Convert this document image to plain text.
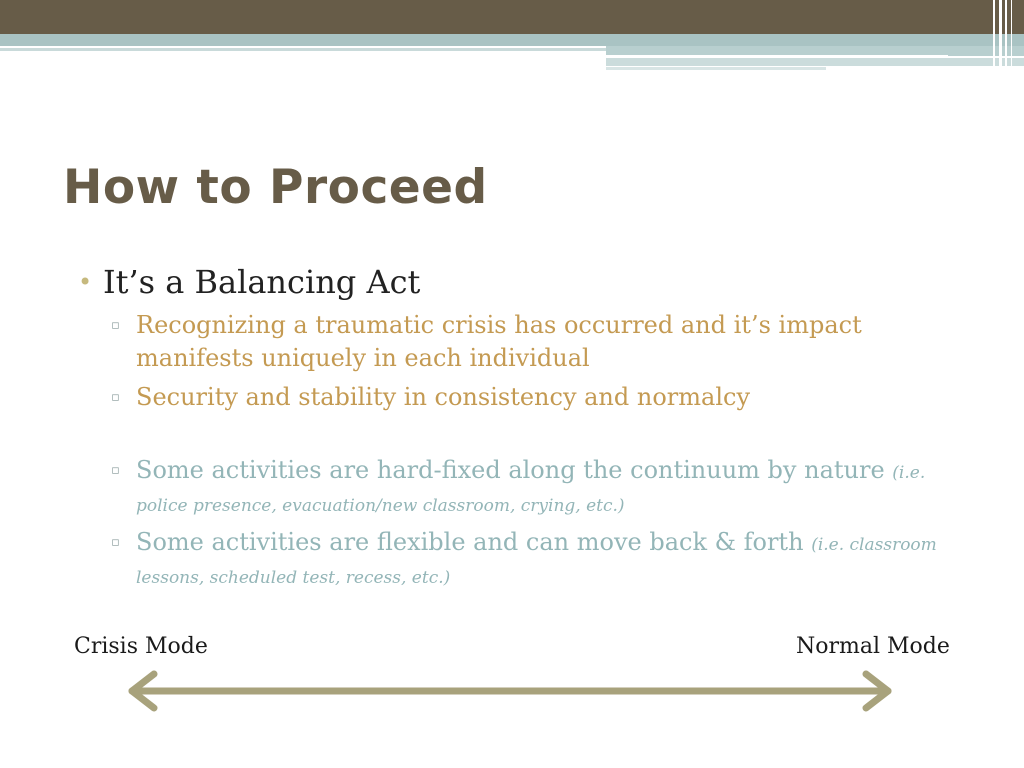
How to Proceed
• It’s a Balancing Act
▫ Recognizing a traumatic crisis has occurred and it’s impact manifests uniquely in each individual
▫ Security and stability in consistency and normalcy
▫ Some activities are hard-fixed along the continuum by nature (i.e. police presence, evacuation/new classroom, crying, etc.)
▫ Some activities are flexible and can move back & forth (i.e. classroom lessons, scheduled test, recess, etc.)

Crisis Mode	Normal Mode
